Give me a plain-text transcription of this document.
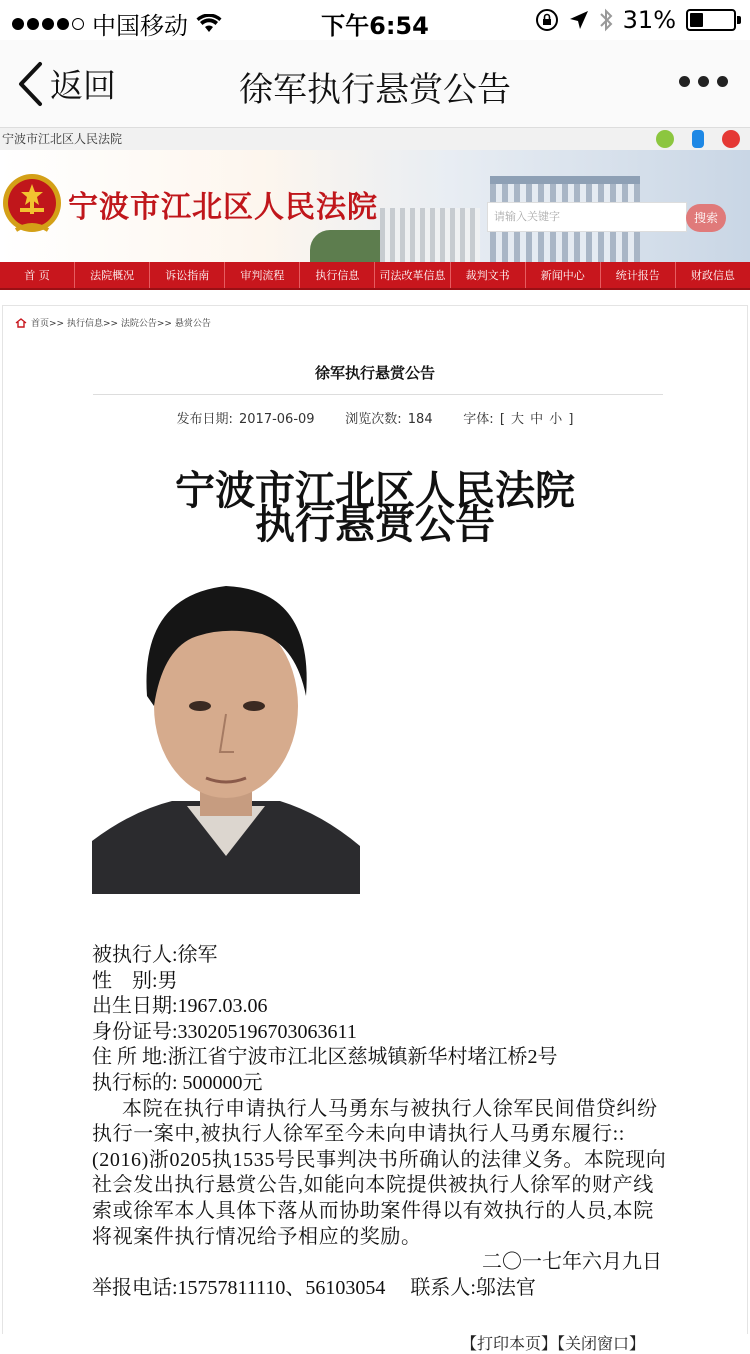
中国移动	下午6:54	31%
返回	徐军执行悬赏公告
宁波市江北区人民法院
宁波市江北区人民法院	请输入关键字	搜索
首 页	法院概况	诉讼指南	审判流程	执行信息	司法改革信息	裁判文书	新闻中心	统计报告	财政信息
首页>> 执行信息>> 法院公告>> 悬赏公告
徐军执行悬赏公告
发布日期: 2017-06-09 浏览次数: 184 字体: [ 大 中 小 ]
宁波市江北区人民法院
执行悬赏公告
被执行人:徐军
性　别:男
出生日期:1967.03.06
身份证号:330205196703063611
住 所 地:浙江省宁波市江北区慈城镇新华村堵江桥2号
执行标的: 500000元
本院在执行申请执行人马勇东与被执行人徐军民间借贷纠纷执行一案中,被执行人徐军至今未向申请执行人马勇东履行::(2016)浙0205执1535号民事判决书所确认的法律义务。本院现向社会发出执行悬赏公告,如能向本院提供被执行人徐军的财产线索或徐军本人具体下落从而协助案件得以有效执行的人员,本院将视案件执行情况给予相应的奖励。
二〇一七年六月九日
举报电话:15757811110、56103054　 联系人:邬法官
【打印本页】【关闭窗口】
